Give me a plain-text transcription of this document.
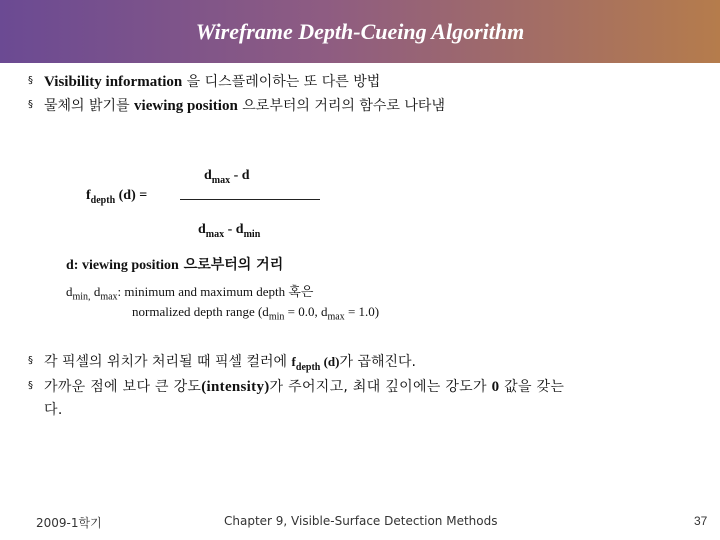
Wireframe Depth-Cueing Algorithm
§ Visibility information 을 디스플레이하는 또 다른 방법
§ 물체의 밝기를 viewing position 으로부터의 거리의 함수로 나타냄
$f_{depth}$ (d) =
$d_{max}$ - d
$d_{max} - d_{min}$
d: viewing position 으로부터의 거리
$d_{min,}$ $d_{max}$: minimum and maximum depth 혹은
normalized depth range ($d_{min} = 0.0$, $d_{max} = 1.0$)
§ 각 픽셀의 위치가 처리될 때 픽셀 컬러에 $f_{depth}$ (d)가 곱해진다.
§ 가까운 점에 보다 큰 강도(intensity)가 주어지고, 최대 깊이에는 강도가 0 값을 갖는
다.
2009-1학기	Chapter 9, Visible-Surface Detection Methods	37
